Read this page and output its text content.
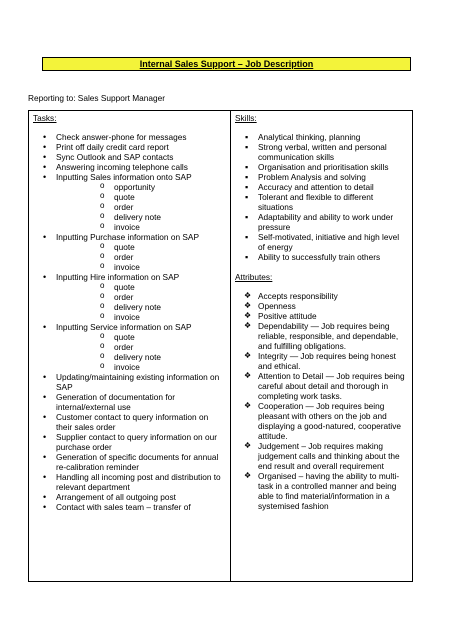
Internal Sales Support – Job Description
Reporting to: Sales Support Manager
Tasks:
• Check answer-phone for messages
• Print off daily credit card report
• Sync Outlook and SAP contacts
• Answering incoming telephone calls
• Inputting Sales information onto SAP
o opportunity
o quote
o order
o delivery note
o invoice
• Inputting Purchase information on SAP
o quote
o order
o invoice
• Inputting Hire information on SAP
o quote
o order
o delivery note
o invoice
• Inputting Service information on SAP
o quote
o order
o delivery note
o invoice
• Updating/maintaining existing information on SAP
• Generation of documentation for internal/external use
• Customer contact to query information on their sales order
• Supplier contact to query information on our purchase order
• Generation of specific documents for annual re-calibration reminder
• Handling all incoming post and distribution to relevant department
• Arrangement of all outgoing post
• Contact with sales team – transfer of

Skills:
▪ Analytical thinking, planning
▪ Strong verbal, written and personal communication skills
▪ Organisation and prioritisation skills
▪ Problem Analysis and solving
▪ Accuracy and attention to detail
▪ Tolerant and flexible to different situations
▪ Adaptability and ability to work under pressure
▪ Self-motivated, initiative and high level of energy
▪ Ability to successfully train others
Attributes:
❖ Accepts responsibility
❖ Openness
❖ Positive attitude
❖ Dependability — Job requires being reliable, responsible, and dependable, and fulfilling obligations.
❖ Integrity — Job requires being honest and ethical.
❖ Attention to Detail — Job requires being careful about detail and thorough in completing work tasks.
❖ Cooperation — Job requires being pleasant with others on the job and displaying a good-natured, cooperative attitude.
❖ Judgement – Job requires making judgement calls and thinking about the end result and overall requirement
❖ Organised – having the ability to multi-task in a controlled manner and being able to find material/information in a systemised fashion
